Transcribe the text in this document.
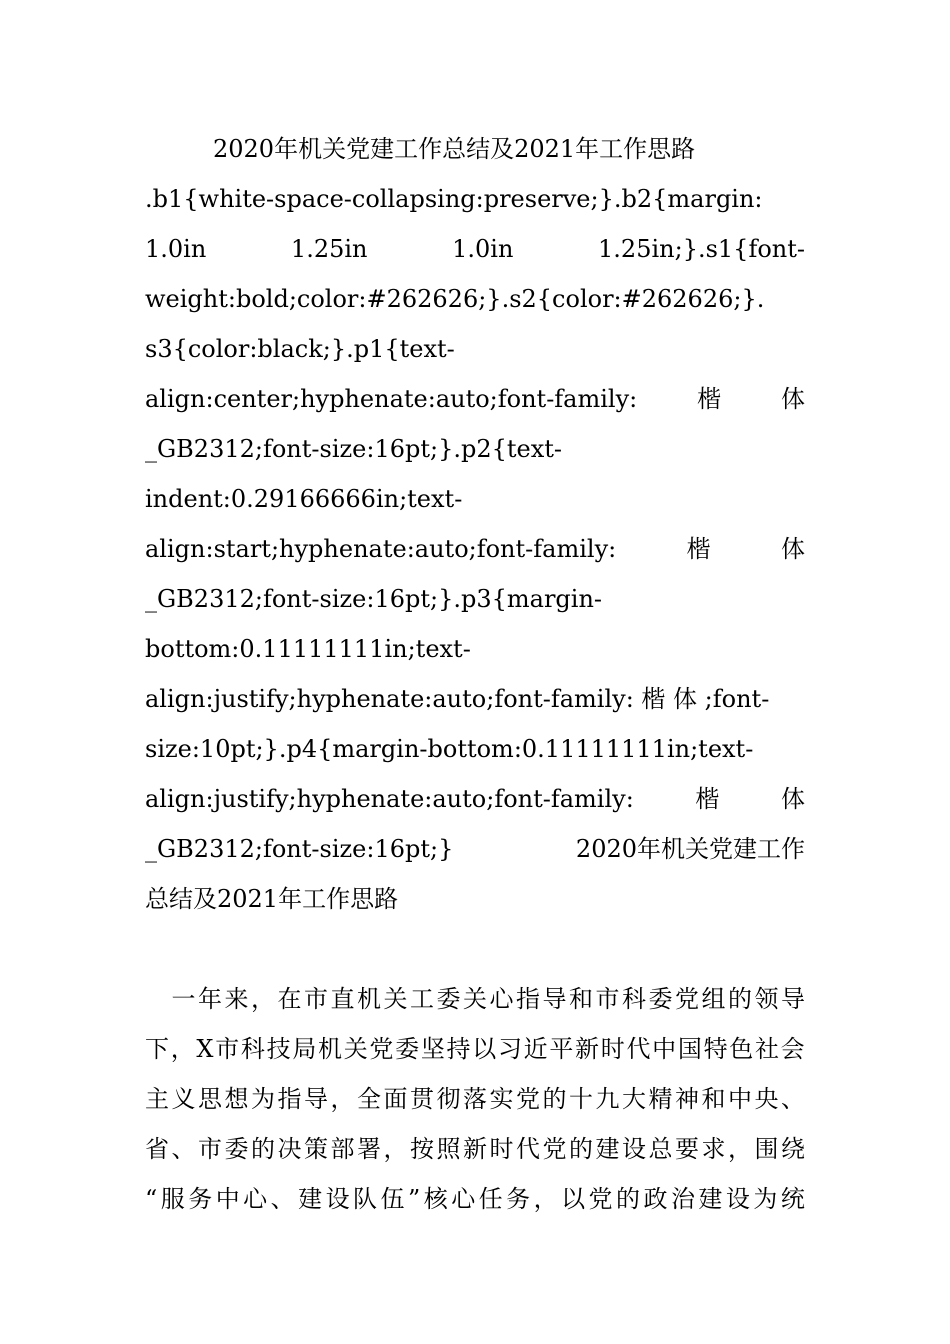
2020年机关党建工作总结及2021年工作思路
.b1{white-space-collapsing:preserve;}.b2{margin:
1.0in	1.25in	1.0in	1.25in;}.s1{font-
weight:bold;color:#262626;}.s2{color:#262626;}.
s3{color:black;}.p1{text-
align:center;hyphenate:auto;font-family: 楷 体
_GB2312;font-size:16pt;}.p2{text-
indent:0.29166666in;text-
align:start;hyphenate:auto;font-family:	楷	体
_GB2312;font-size:16pt;}.p3{margin-
bottom:0.11111111in;text-
align:justify;hyphenate:auto;font-family: 楷 体 ;font-
size:10pt;}.p4{margin-bottom:0.11111111in;text-
align:justify;hyphenate:auto;font-family:	楷	体
_GB2312;font-size:16pt;}	2020年机关党建工作
总结及2021年工作思路

一 年 来 ， 在 市 直 机 关 工 委 关 心 指 导 和 市 科 委 党 组 的 领 导
下 ， X 市 科 技 局 机 关 党 委 坚 持 以 习 近 平 新 时 代 中 国 特 色 社 会
主 义 思 想 为 指 导 ， 全 面 贯 彻 落 实 党 的 十 九 大 精 神 和 中 央 、
省 、 市 委 的 决 策 部 署 ， 按 照 新 时 代 党 的 建 设 总 要 求 ， 围 绕
“ 服 务 中 心 、 建 设 队 伍 ” 核 心 任 务 ， 以 党 的 政 治 建 设 为 统
